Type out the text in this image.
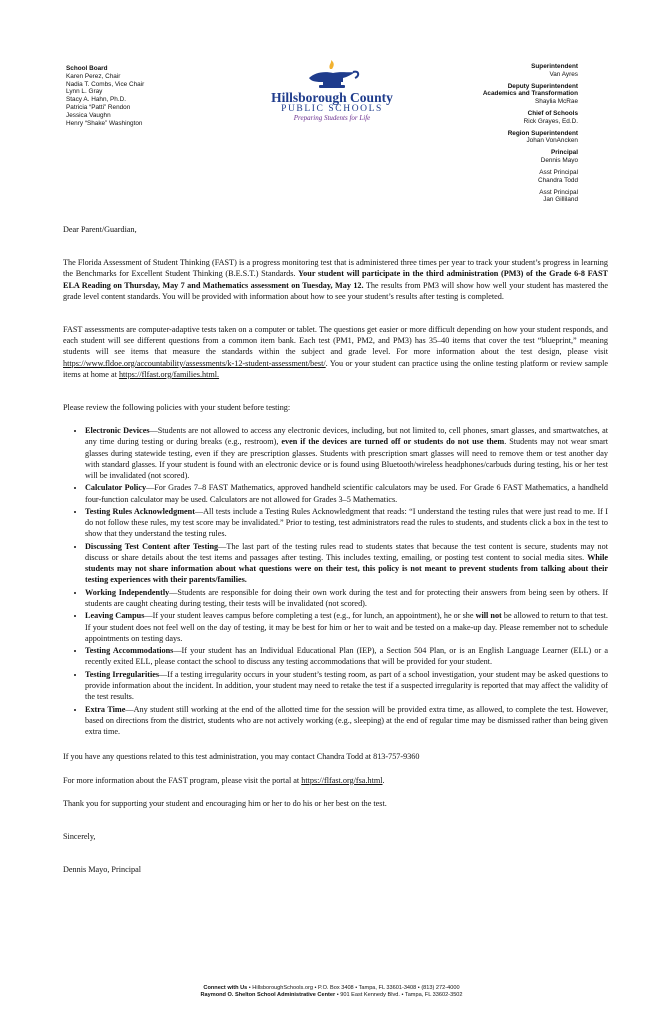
School Board
Karen Perez, Chair
Nadia T. Combs, Vice Chair
Lynn L. Gray
Stacy A. Hahn, Ph.D.
Patricia “Patti” Rendon
Jessica Vaughn
Henry “Shake” Washington
Hillsborough County
PUBLIC SCHOOLS
Preparing Students for Life
Superintendent
Van Ayres
Deputy Superintendent
Academics and Transformation
Shaylia McRae
Chief of Schools
Rick Grayes, Ed.D.
Region Superintendent
Johan VonAncken
Principal
Dennis Mayo
Asst Principal
Chandra Todd
Asst Principal
Jan Gilliland

Dear Parent/Guardian,

The Florida Assessment of Student Thinking (FAST) is a progress monitoring test that is administered three times per year to track your student’s progress in learning the Benchmarks for Excellent Student Thinking (B.E.S.T.) Standards. Your student will participate in the third administration (PM3) of the Grade 6-8 FAST ELA Reading on Thursday, May 7 and Mathematics assessment on Tuesday, May 12. The results from PM3 will show how well your student has mastered the grade level content standards. You will be provided with information about how to see your student’s results after testing is completed.

FAST assessments are computer-adaptive tests taken on a computer or tablet. The questions get easier or more difficult depending on how your student responds, and each student will see different questions from a common item bank. Each test (PM1, PM2, and PM3) has 35–40 items that cover the test “blueprint,” meaning students will see items that measure the standards within the subject and grade level. For more information about the test design, please visit https://www.fldoe.org/accountability/assessments/k-12-student-assessment/best/. You or your student can practice using the online testing platform or review sample items at home at https://flfast.org/families.html.

Please review the following policies with your student before testing:

• Electronic Devices—Students are not allowed to access any electronic devices, including, but not limited to, cell phones, smart glasses, and smartwatches, at any time during testing or during breaks (e.g., restroom), even if the devices are turned off or students do not use them. Students may not wear smart glasses during statewide testing, even if they are prescription glasses. Students with prescription smart glasses will need to remove them or test another day with standard glasses. If your student is found with an electronic device or is found using Bluetooth/wireless headphones/carbuds during testing, his or her test will be invalidated (not scored).
• Calculator Policy—For Grades 7–8 FAST Mathematics, approved handheld scientific calculators may be used. For Grade 6 FAST Mathematics, a handheld four-function calculator may be used. Calculators are not allowed for Grades 3–5 Mathematics.
• Testing Rules Acknowledgment—All tests include a Testing Rules Acknowledgment that reads: “I understand the testing rules that were just read to me. If I do not follow these rules, my test score may be invalidated.” Prior to testing, test administrators read the rules to students, and students click a box in the test to show that they understand the testing rules.
• Discussing Test Content after Testing—The last part of the testing rules read to students states that because the test content is secure, students may not discuss or share details about the test items and passages after testing. This includes texting, emailing, or posting test content to social media sites. While students may not share information about what questions were on their test, this policy is not meant to prevent students from talking about their testing experiences with their parents/families.
• Working Independently—Students are responsible for doing their own work during the test and for protecting their answers from being seen by others. If students are caught cheating during testing, their tests will be invalidated (not scored).
• Leaving Campus—If your student leaves campus before completing a test (e.g., for lunch, an appointment), he or she will not be allowed to return to that test. If your student does not feel well on the day of testing, it may be best for him or her to wait and be tested on a make-up day. Please remember not to schedule appointments on testing days.
• Testing Accommodations—If your student has an Individual Educational Plan (IEP), a Section 504 Plan, or is an English Language Learner (ELL) or a recently exited ELL, please contact the school to discuss any testing accommodations that will be provided for your student.
• Testing Irregularities—If a testing irregularity occurs in your student’s testing room, as part of a school investigation, your student may be asked questions to provide information about the incident. In addition, your student may need to retake the test if a suspected irregularity is reported that may affect the validity of the test results.
• Extra Time—Any student still working at the end of the allotted time for the session will be provided extra time, as allowed, to complete the test. However, based on directions from the district, students who are not actively working (e.g., sleeping) at the end of regular time may be dismissed rather than being given extra time.

If you have any questions related to this test administration, you may contact Chandra Todd at 813-757-9360

For more information about the FAST program, please visit the portal at https://flfast.org/fsa.html.

Thank you for supporting your student and encouraging him or her to do his or her best on the test.

Sincerely,

Dennis Mayo, Principal

Connect with Us • HillsboroughSchools.org • P.O. Box 3408 • Tampa, FL 33601-3408 • (813) 272-4000
Raymond O. Shelton School Administrative Center • 901 East Kennedy Blvd. • Tampa, FL 33602-3502
